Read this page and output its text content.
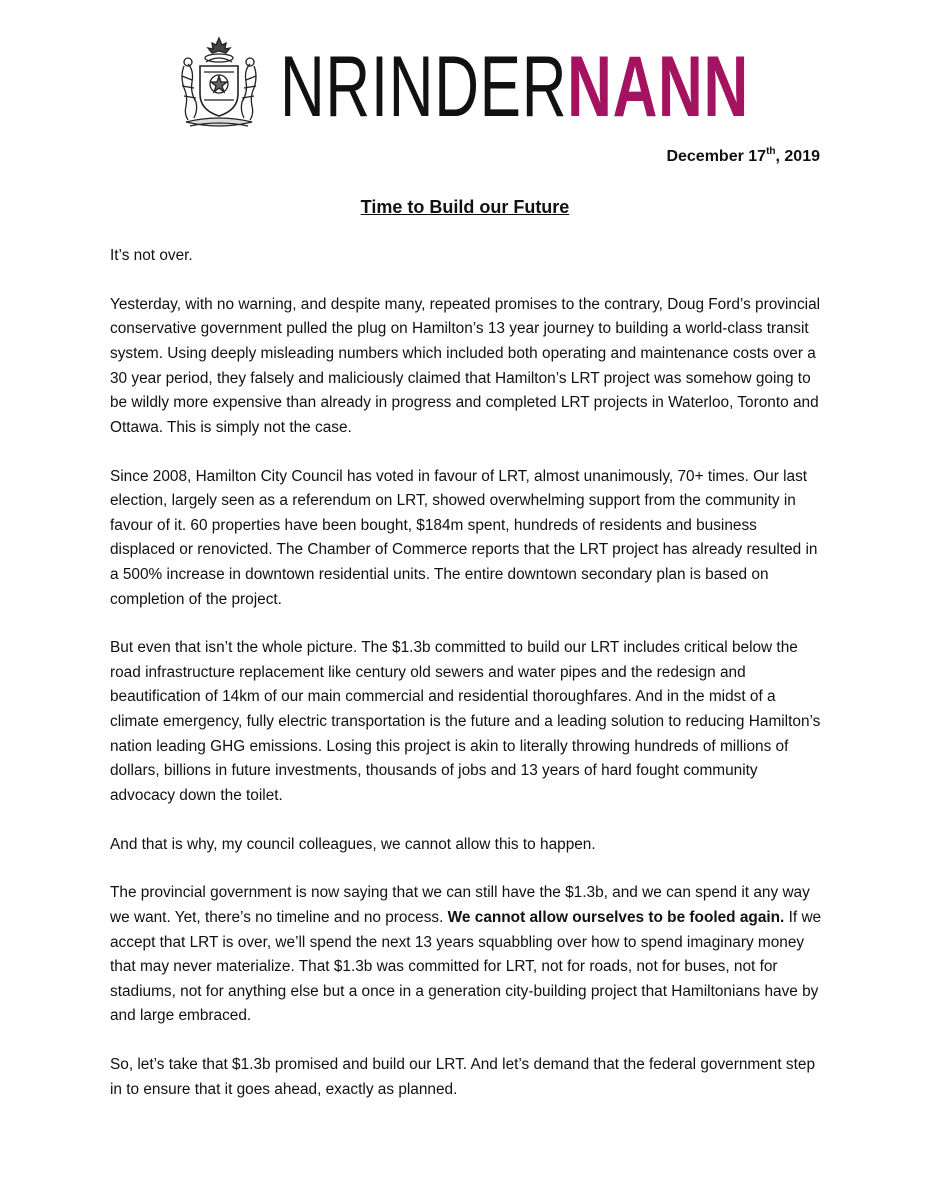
NRINDERNANN
December 17th, 2019
Time to Build our Future

It’s not over.

Yesterday, with no warning, and despite many, repeated promises to the contrary, Doug Ford’s provincial conservative government pulled the plug on Hamilton’s 13 year journey to building a world-class transit system. Using deeply misleading numbers which included both operating and maintenance costs over a 30 year period, they falsely and maliciously claimed that Hamilton’s LRT project was somehow going to be wildly more expensive than already in progress and completed LRT projects in Waterloo, Toronto and Ottawa. This is simply not the case.

Since 2008, Hamilton City Council has voted in favour of LRT, almost unanimously, 70+ times. Our last election, largely seen as a referendum on LRT, showed overwhelming support from the community in favour of it. 60 properties have been bought, $184m spent, hundreds of residents and business displaced or renovicted. The Chamber of Commerce reports that the LRT project has already resulted in a 500% increase in downtown residential units. The entire downtown secondary plan is based on completion of the project.

But even that isn’t the whole picture. The $1.3b committed to build our LRT includes critical below the road infrastructure replacement like century old sewers and water pipes and the redesign and beautification of 14km of our main commercial and residential thoroughfares. And in the midst of a climate emergency, fully electric transportation is the future and a leading solution to reducing Hamilton’s nation leading GHG emissions. Losing this project is akin to literally throwing hundreds of millions of dollars, billions in future investments, thousands of jobs and 13 years of hard fought community advocacy down the toilet.

And that is why, my council colleagues, we cannot allow this to happen.

The provincial government is now saying that we can still have the $1.3b, and we can spend it any way we want. Yet, there’s no timeline and no process. We cannot allow ourselves to be fooled again. If we accept that LRT is over, we’ll spend the next 13 years squabbling over how to spend imaginary money that may never materialize. That $1.3b was committed for LRT, not for roads, not for buses, not for stadiums, not for anything else but a once in a generation city-building project that Hamiltonians have by and large embraced.

So, let’s take that $1.3b promised and build our LRT. And let’s demand that the federal government step in to ensure that it goes ahead, exactly as planned.
